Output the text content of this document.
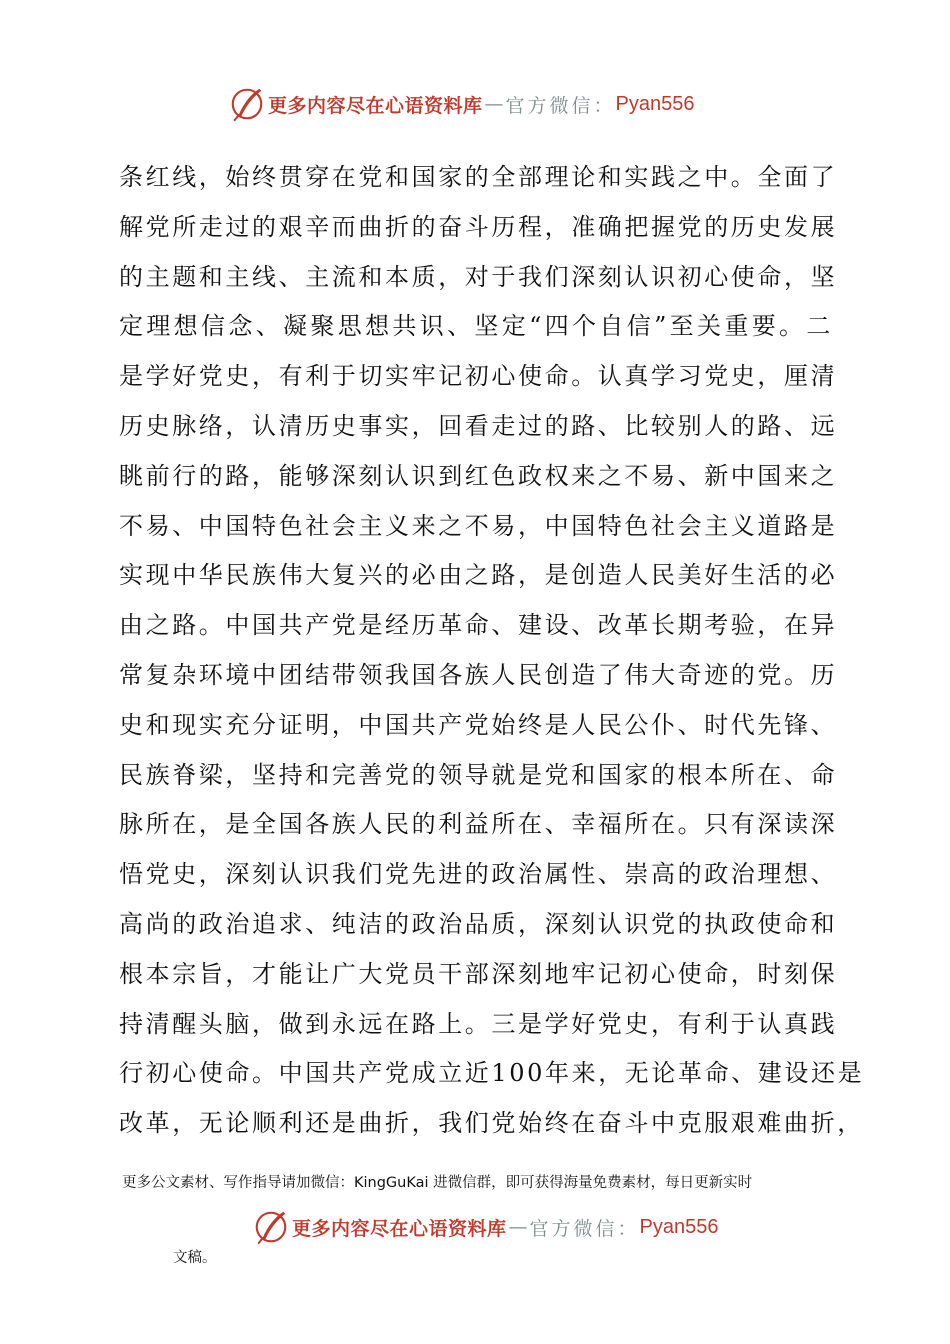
更多内容尽在心语资料库 — 官方微信： Pyan556
条红线，始终贯穿在党和国家的全部理论和实践之中。全面了
解党所走过的艰辛而曲折的奋斗历程，准确把握党的历史发展
的主题和主线、主流和本质，对于我们深刻认识初心使命，坚
定理想信念、凝聚思想共识、坚定“四个自信”至关重要。二
是学好党史，有利于切实牢记初心使命。认真学习党史，厘清
历史脉络，认清历史事实，回看走过的路、比较别人的路、远
眺前行的路，能够深刻认识到红色政权来之不易、新中国来之
不易、中国特色社会主义来之不易，中国特色社会主义道路是
实现中华民族伟大复兴的必由之路，是创造人民美好生活的必
由之路。中国共产党是经历革命、建设、改革长期考验，在异
常复杂环境中团结带领我国各族人民创造了伟大奇迹的党。历
史和现实充分证明，中国共产党始终是人民公仆、时代先锋、
民族脊梁，坚持和完善党的领导就是党和国家的根本所在、命
脉所在，是全国各族人民的利益所在、幸福所在。只有深读深
悟党史，深刻认识我们党先进的政治属性、崇高的政治理想、
高尚的政治追求、纯洁的政治品质，深刻认识党的执政使命和
根本宗旨，才能让广大党员干部深刻地牢记初心使命，时刻保
持清醒头脑，做到永远在路上。三是学好党史，有利于认真践
行初心使命。中国共产党成立近100年来，无论革命、建设还是
改革，无论顺利还是曲折，我们党始终在奋斗中克服艰难曲折，
更多公文素材、写作指导请加微信：KingGuKai 进微信群，即可获得海量免费素材，每日更新实时
更多内容尽在心语资料库 — 官方微信： Pyan556
文稿。
